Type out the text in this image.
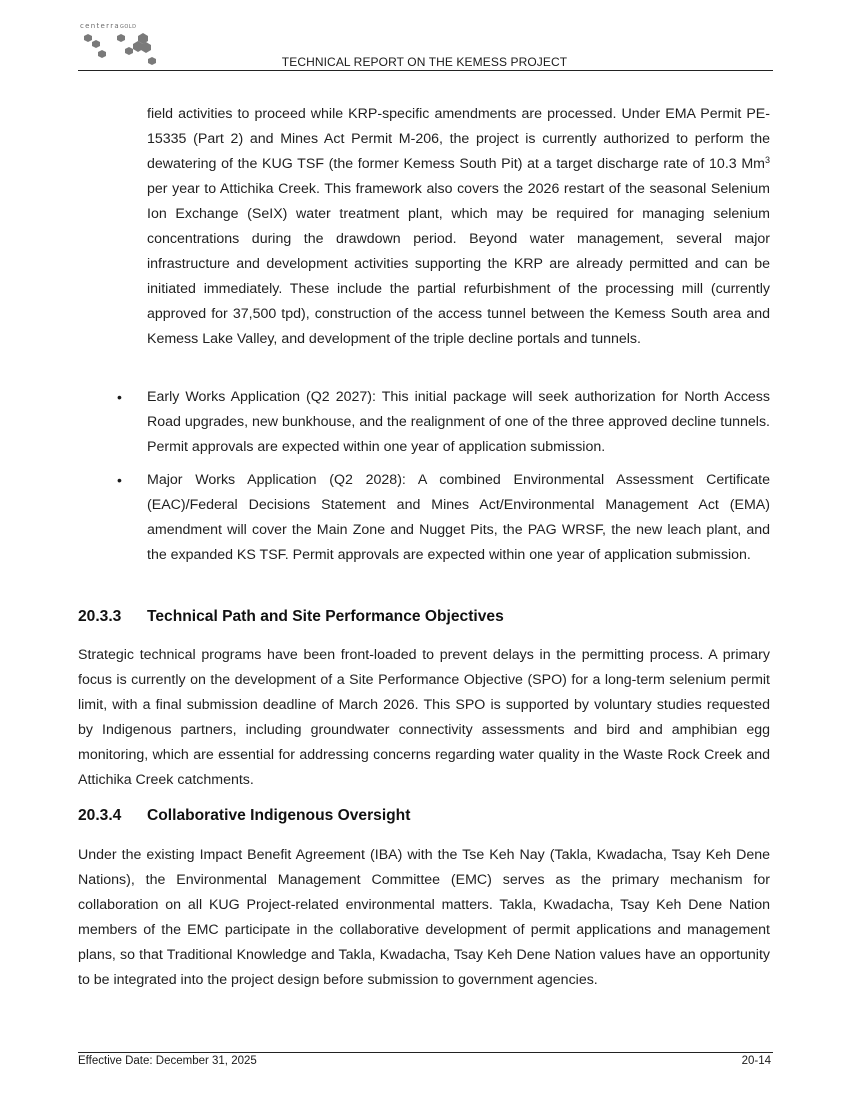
centerraGOLD
TECHNICAL REPORT ON THE KEMESS PROJECT

field activities to proceed while KRP-specific amendments are processed. Under EMA Permit PE-15335 (Part 2) and Mines Act Permit M-206, the project is currently authorized to perform the dewatering of the KUG TSF (the former Kemess South Pit) at a target discharge rate of 10.3 Mm$^3$ per year to Attichika Creek. This framework also covers the 2026 restart of the seasonal Selenium Ion Exchange (SeIX) water treatment plant, which may be required for managing selenium concentrations during the drawdown period. Beyond water management, several major infrastructure and development activities supporting the KRP are already permitted and can be initiated immediately. These include the partial refurbishment of the processing mill (currently approved for 37,500 tpd), construction of the access tunnel between the Kemess South area and Kemess Lake Valley, and development of the triple decline portals and tunnels.

• Early Works Application (Q2 2027): This initial package will seek authorization for North Access Road upgrades, new bunkhouse, and the realignment of one of the three approved decline tunnels. Permit approvals are expected within one year of application submission.

• Major Works Application (Q2 2028): A combined Environmental Assessment Certificate (EAC)/Federal Decisions Statement and Mines Act/Environmental Management Act (EMA) amendment will cover the Main Zone and Nugget Pits, the PAG WRSF, the new leach plant, and the expanded KS TSF. Permit approvals are expected within one year of application submission.

20.3.3 Technical Path and Site Performance Objectives

Strategic technical programs have been front-loaded to prevent delays in the permitting process. A primary focus is currently on the development of a Site Performance Objective (SPO) for a long-term selenium permit limit, with a final submission deadline of March 2026. This SPO is supported by voluntary studies requested by Indigenous partners, including groundwater connectivity assessments and bird and amphibian egg monitoring, which are essential for addressing concerns regarding water quality in the Waste Rock Creek and Attichika Creek catchments.

20.3.4 Collaborative Indigenous Oversight

Under the existing Impact Benefit Agreement (IBA) with the Tse Keh Nay (Takla, Kwadacha, Tsay Keh Dene Nations), the Environmental Management Committee (EMC) serves as the primary mechanism for collaboration on all KUG Project-related environmental matters. Takla, Kwadacha, Tsay Keh Dene Nation members of the EMC participate in the collaborative development of permit applications and management plans, so that Traditional Knowledge and Takla, Kwadacha, Tsay Keh Dene Nation values have an opportunity to be integrated into the project design before submission to government agencies.

Effective Date: December 31, 2025	20-14
